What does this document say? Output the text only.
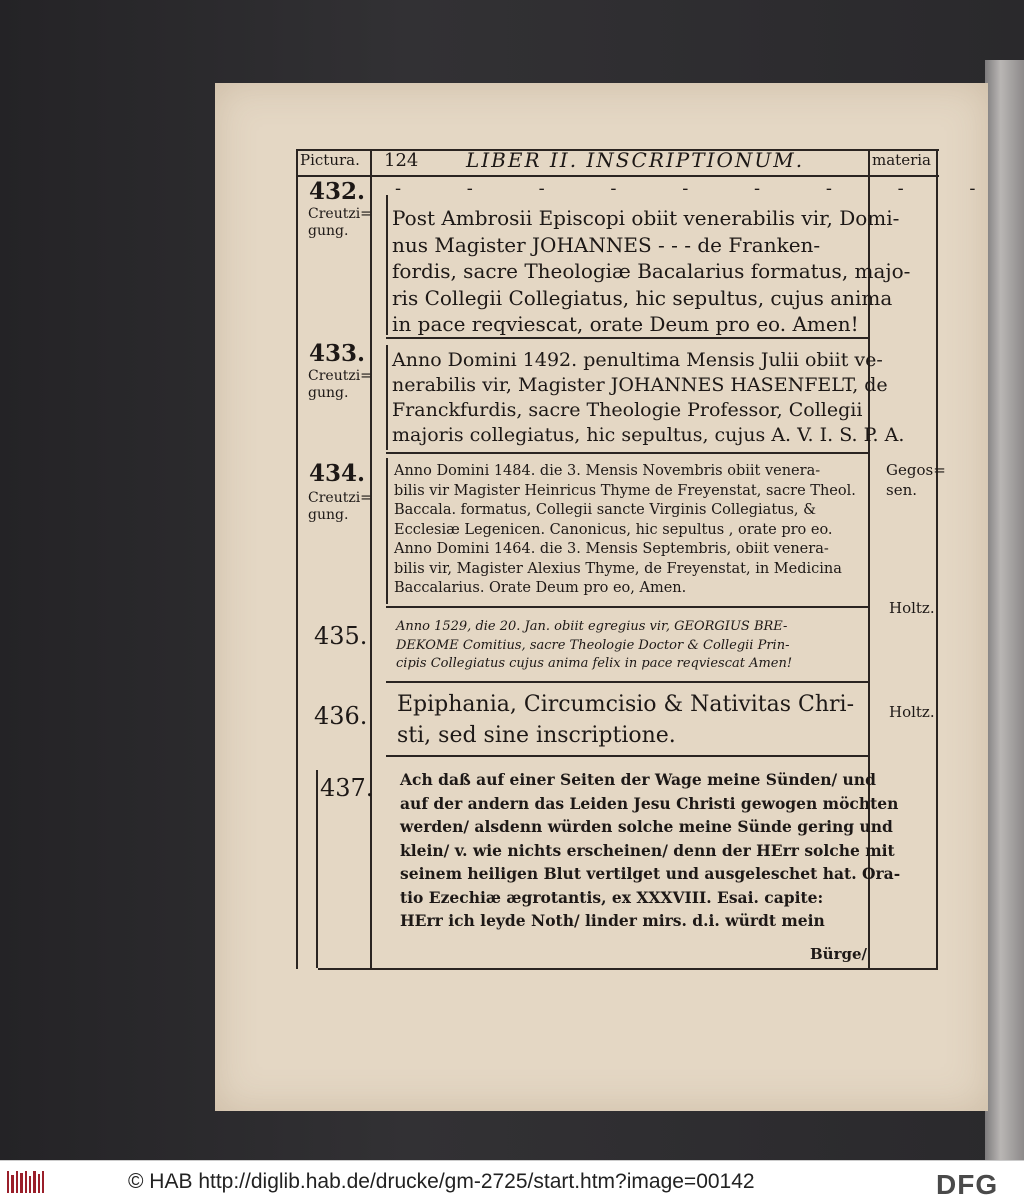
Pictura. 124 LIBER II. INSCRIPTIONUM.	materia
432.
Creutzi=
gung.
- - - - - - - - -
Post Ambrosii Episcopi obiit venerabilis vir, Domi-
nus Magister JOHANNES - - - de Franken-
fordis, sacre Theologiæ Bacalarius formatus, majo-
ris Collegii Collegiatus, hic sepultus, cujus anima
in pace reqviescat, orate Deum pro eo. Amen!
433.
Creutzi=
gung.
Anno Domini 1492. penultima Mensis Julii obiit ve-
nerabilis vir, Magister JOHANNES HASENFELT, de
Franckfurdis, sacre Theologie Professor, Collegii
majoris collegiatus, hic sepultus, cujus A. V. I. S. P. A.
434.
Creutzi=
gung.
Anno Domini 1484. die 3. Mensis Novembris obiit venera-
bilis vir Magister Heinricus Thyme de Freyenstat, sacre Theol.
Baccala. formatus, Collegii sancte Virginis Collegiatus, &
Ecclesiæ Legenicen. Canonicus, hic sepultus , orate pro eo.
Anno Domini 1464. die 3. Mensis Septembris, obiit venera-
bilis vir, Magister Alexius Thyme, de Freyenstat, in Medicina
Baccalarius. Orate Deum pro eo, Amen.
Gegos=
sen.
435. Anno 1529, die 20. Jan. obiit egregius vir, GEORGIUS BRE-
DEKOME Comitius, sacre Theologie Doctor & Collegii Prin-
cipis Collegiatus cujus anima felix in pace reqviescat Amen!
Holtz.
436. Epiphania, Circumcisio & Nativitas Chri-
sti, sed sine inscriptione.
Holtz.
437. Ach daß auf einer Seiten der Wage meine Sünden/ und
auf der andern das Leiden Jesu Christi gewogen möchten
werden/ alsdenn würden solche meine Sünde gering und
klein/ v. wie nichts erscheinen/ denn der HErr solche mit
seinem heiligen Blut vertilget und ausgeleschet hat. Ora-
tio Ezechiæ ægrotantis, ex XXXVIII. Esai. capite:
HErr ich leyde Noth/ linder mirs. d.i. würdt mein
Bürge/
© HAB http://diglib.hab.de/drucke/gm-2725/start.htm?image=00142	DFG
